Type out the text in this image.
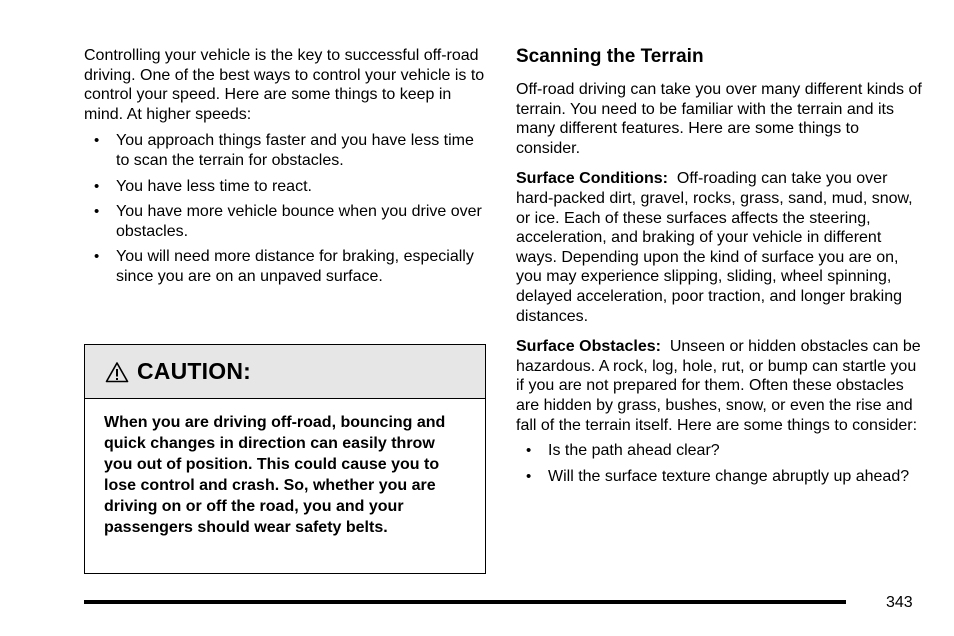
Controlling your vehicle is the key to successful off-road driving. One of the best ways to control your vehicle is to control your speed. Here are some things to keep in mind. At higher speeds:

• You approach things faster and you have less time to scan the terrain for obstacles.
• You have less time to react.
• You have more vehicle bounce when you drive over obstacles.
• You will need more distance for braking, especially since you are on an unpaved surface.
CAUTION:
When you are driving off-road, bouncing and quick changes in direction can easily throw you out of position. This could cause you to lose control and crash. So, whether you are driving on or off the road, you and your passengers should wear safety belts.
Scanning the Terrain

Off-road driving can take you over many different kinds of terrain. You need to be familiar with the terrain and its many different features. Here are some things to consider.

Surface Conditions: Off-roading can take you over hard-packed dirt, gravel, rocks, grass, sand, mud, snow, or ice. Each of these surfaces affects the steering, acceleration, and braking of your vehicle in different ways. Depending upon the kind of surface you are on, you may experience slipping, sliding, wheel spinning, delayed acceleration, poor traction, and longer braking distances.

Surface Obstacles: Unseen or hidden obstacles can be hazardous. A rock, log, hole, rut, or bump can startle you if you are not prepared for them. Often these obstacles are hidden by grass, bushes, snow, or even the rise and fall of the terrain itself. Here are some things to consider:

• Is the path ahead clear?
• Will the surface texture change abruptly up ahead?
343
